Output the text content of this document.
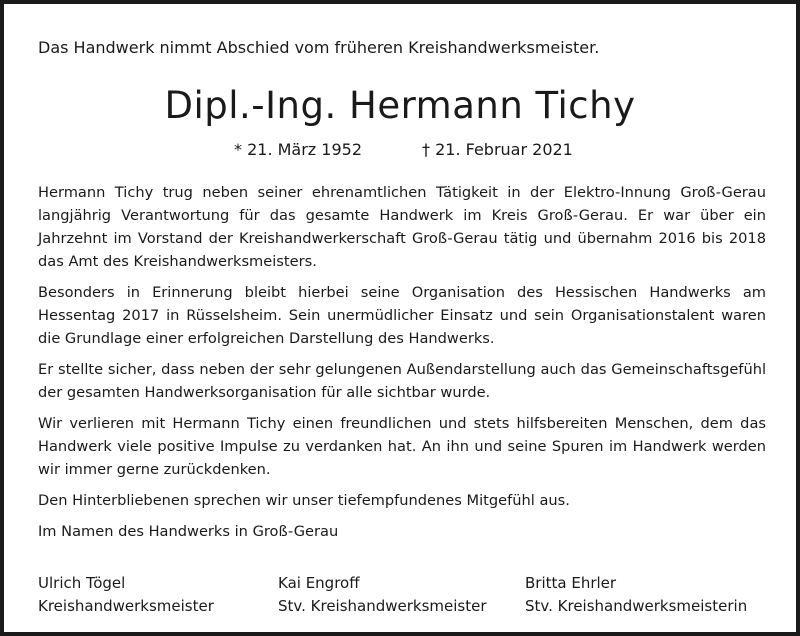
Das Handwerk nimmt Abschied vom früheren Kreishandwerksmeister.
Dipl.-Ing. Hermann Tichy
* 21. März 1952	† 21. Februar 2021

Hermann Tichy trug neben seiner ehrenamtlichen Tätigkeit in der Elektro-Innung Groß-Gerau langjährig Verantwortung für das gesamte Handwerk im Kreis Groß-Gerau. Er war über ein Jahrzehnt im Vorstand der Kreishandwerkerschaft Groß-Gerau tätig und übernahm 2016 bis 2018 das Amt des Kreishandwerksmeisters.

Besonders in Erinnerung bleibt hierbei seine Organisation des Hessischen Handwerks am Hessentag 2017 in Rüsselsheim. Sein unermüdlicher Einsatz und sein Organisationstalent waren die Grundlage einer erfolgreichen Darstellung des Handwerks.

Er stellte sicher, dass neben der sehr gelungenen Außendarstellung auch das Gemeinschaftsgefühl der gesamten Handwerksorganisation für alle sichtbar wurde.

Wir verlieren mit Hermann Tichy einen freundlichen und stets hilfsbereiten Menschen, dem das Handwerk viele positive Impulse zu verdanken hat. An ihn und seine Spuren im Handwerk werden wir immer gerne zurückdenken.

Den Hinterbliebenen sprechen wir unser tiefempfundenes Mitgefühl aus.

Im Namen des Handwerks in Groß-Gerau

Ulrich Tögel
Kreishandwerksmeister
Kai Engroff
Stv. Kreishandwerksmeister
Britta Ehrler
Stv. Kreishandwerksmeisterin
